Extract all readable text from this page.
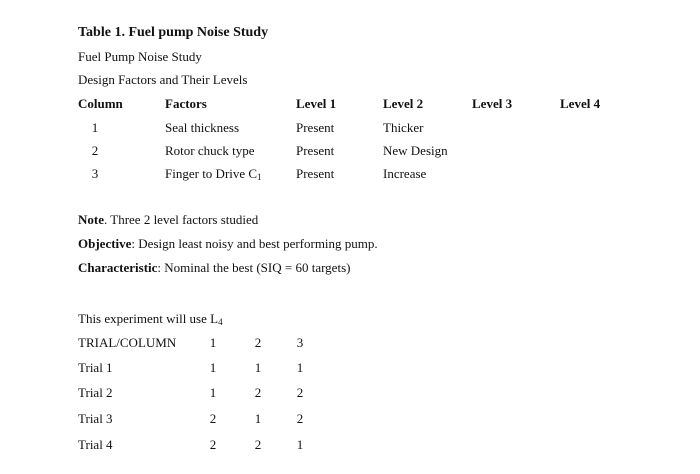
Table 1. Fuel pump Noise Study
Fuel Pump Noise Study
Design Factors and Their Levels
Column	Factors	Level 1	Level 2	Level 3	Level 4
1	Seal thickness	Present	Thicker
2	Rotor chuck type	Present	New Design
3	Finger to Drive $C_1$	Present	Increase
Note. Three 2 level factors studied
Objective: Design least noisy and best performing pump.
Characteristic: Nominal the best (SIQ = 60 targets)
This experiment will use $L_4$
TRIAL/COLUMN	1	2	3
Trial 1	1	1	1
Trial 2	1	2	2
Trial 3	2	1	2
Trial 4	2	2	1
